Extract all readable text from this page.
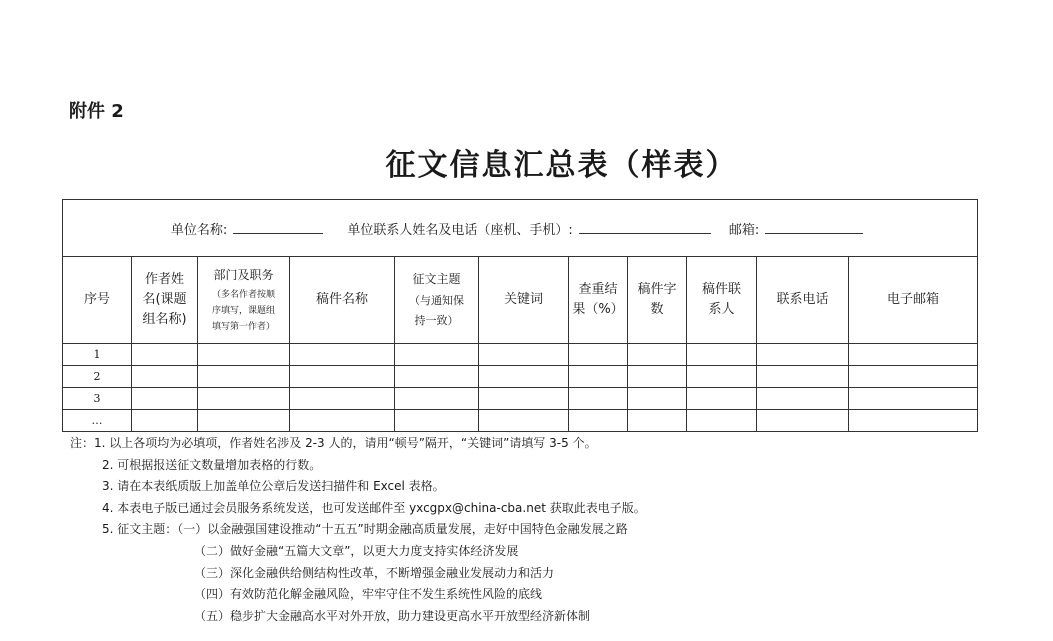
附件 2
征文信息汇总表（样表）
单位名称: 单位联系人姓名及电话（座机、手机）: 邮箱:										
序号	作者姓
名(课题
组名称)	部门及职务
（多名作者按顺
序填写，课题组
填写第一作者）	稿件名称	征文主题
（与通知保
持一致）	关键词	查重结
果（%）	稿件字
数	稿件联
系人	联系电话	电子邮箱
1										
2										
3										
…										
注：1. 以上各项均为必填项，作者姓名涉及 2-3 人的，请用“顿号”隔开，“关键词”请填写 3-5 个。
2. 可根据报送征文数量增加表格的行数。
3. 请在本表纸质版上加盖单位公章后发送扫描件和 Excel 表格。
4. 本表电子版已通过会员服务系统发送，也可发送邮件至 yxcgpx@china-cba.net 获取此表电子版。
5. 征文主题：（一）以金融强国建设推动“十五五”时期金融高质量发展，走好中国特色金融发展之路
（二）做好金融“五篇大文章”，以更大力度支持实体经济发展
（三）深化金融供给侧结构性改革，不断增强金融业发展动力和活力
（四）有效防范化解金融风险，牢牢守住不发生系统性风险的底线
（五）稳步扩大金融高水平对外开放，助力建设更高水平开放型经济新体制
